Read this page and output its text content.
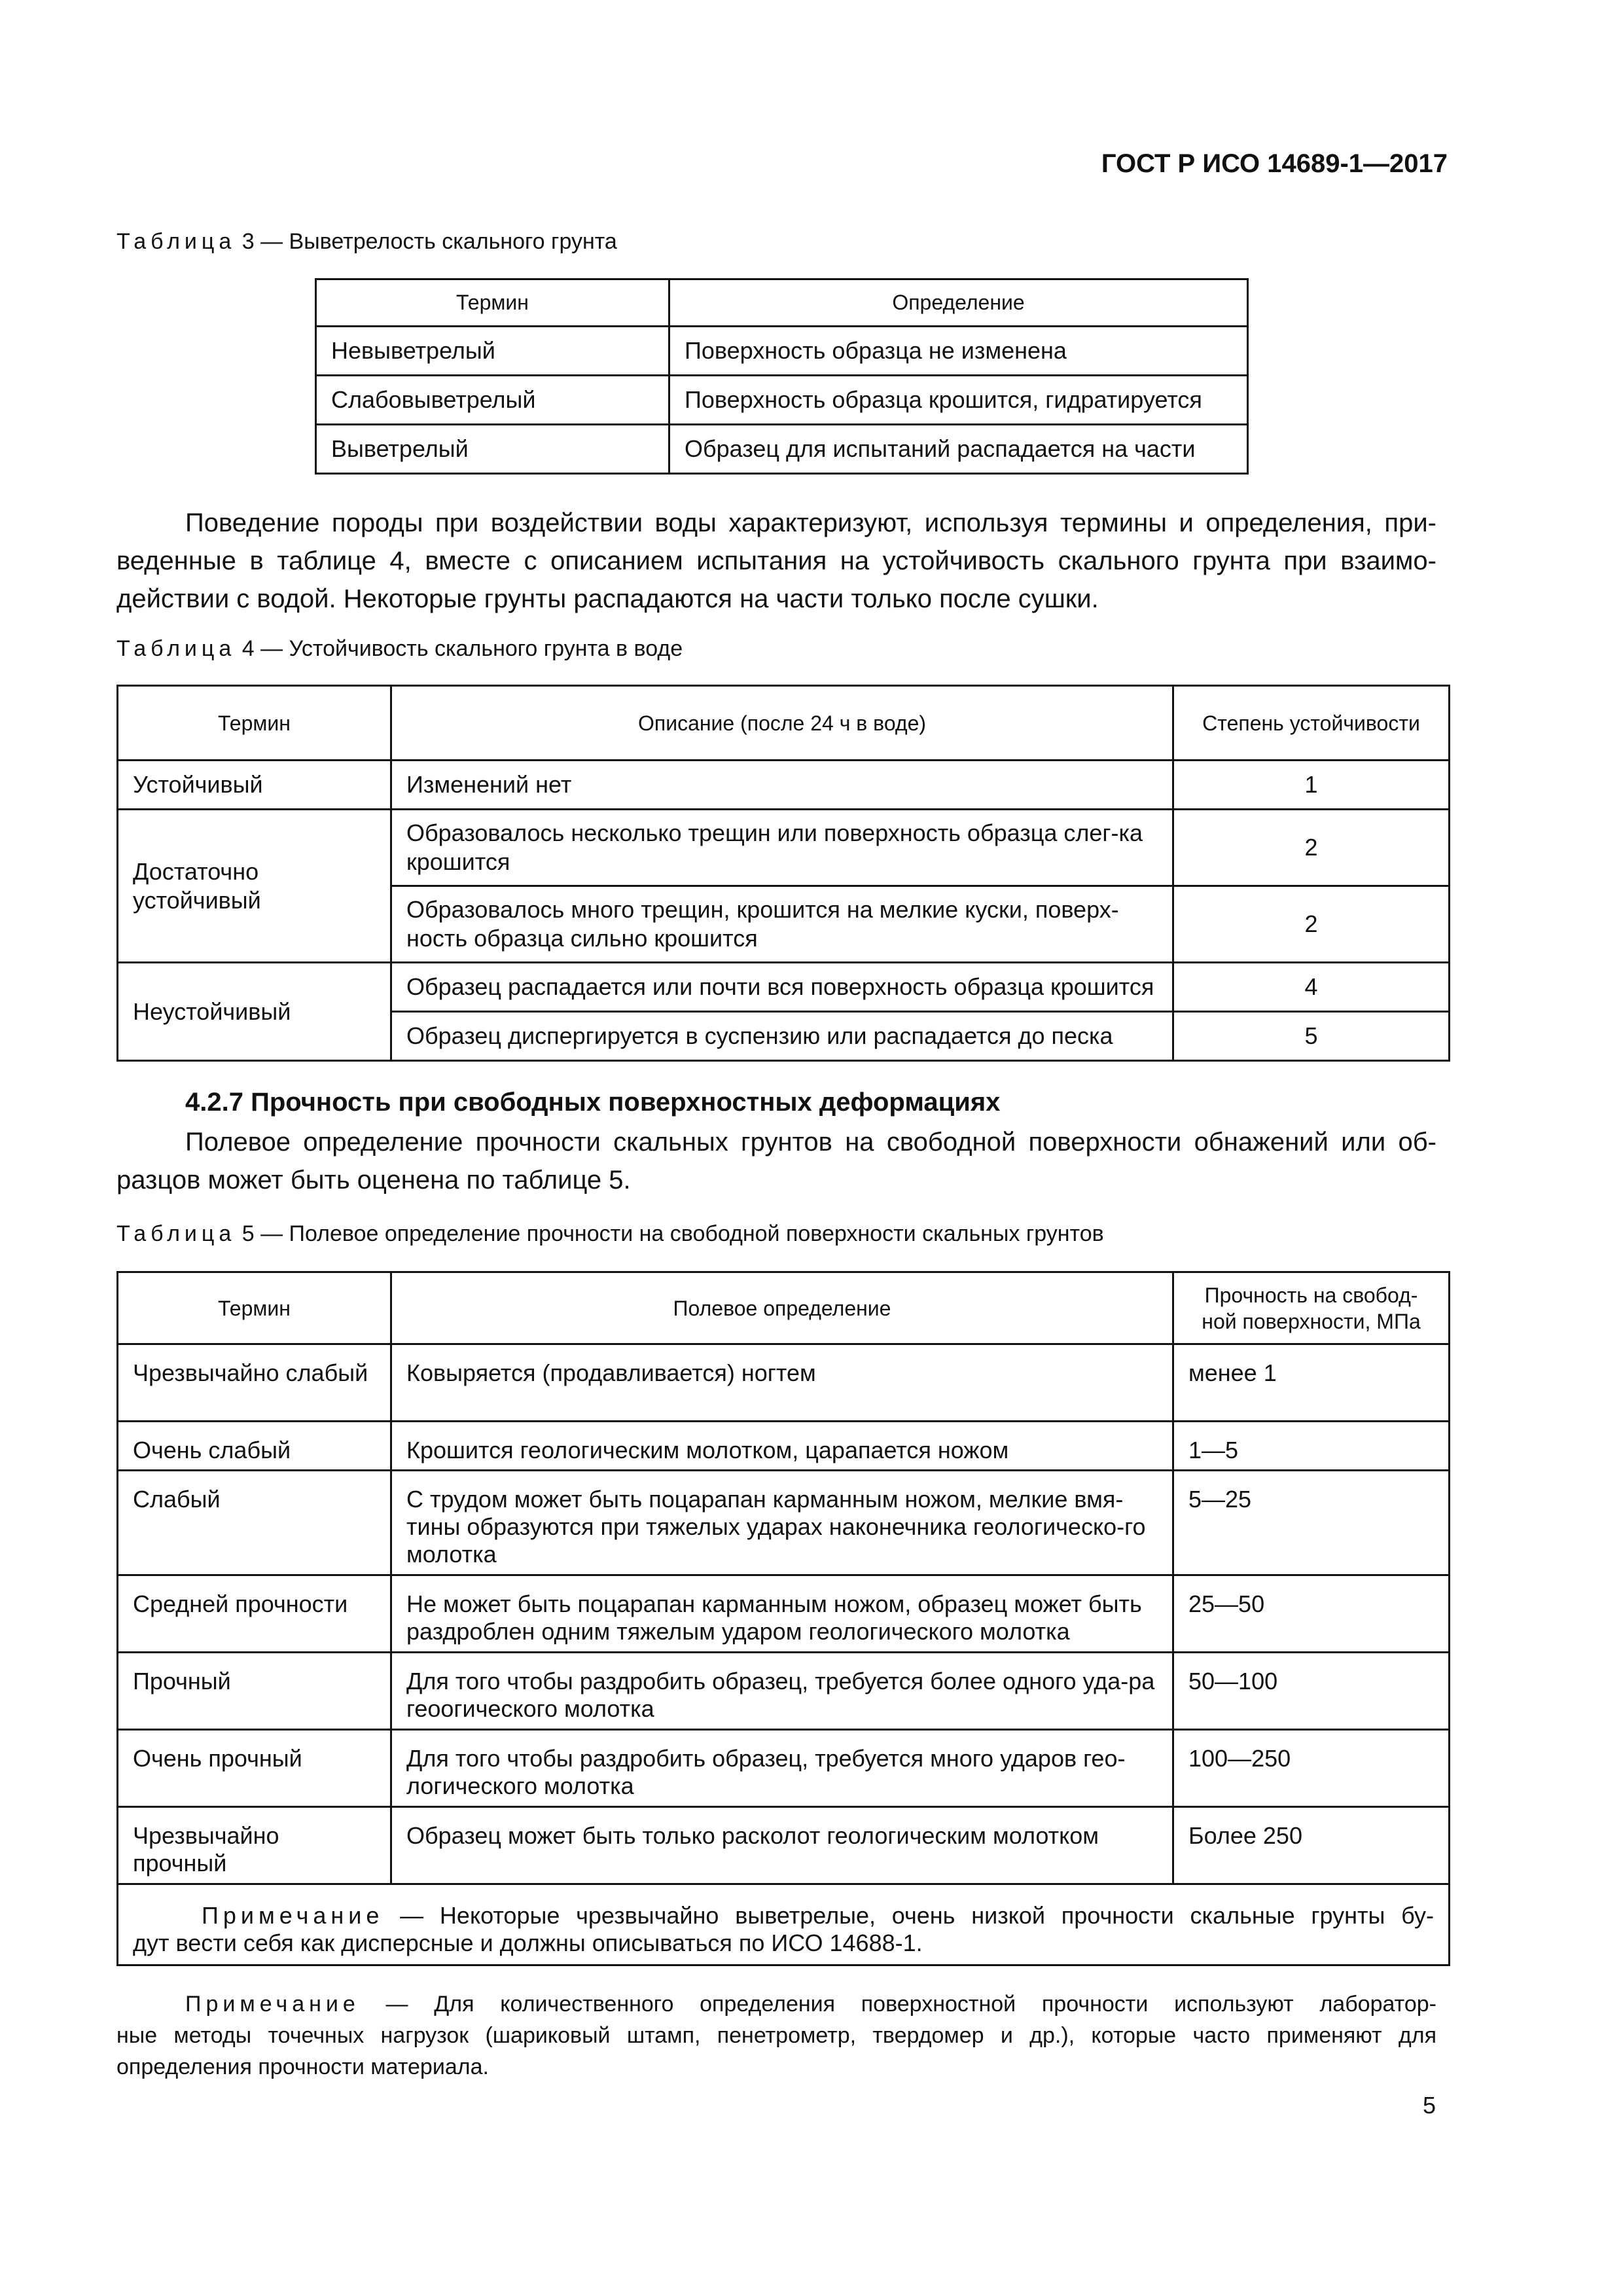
ГОСТ Р ИСО 14689-1—2017
Таблица 3 — Выветрелость скального грунта
Термин	Определение
Невыветрелый	Поверхность образца не изменена
Слабовыветрелый	Поверхность образца крошится, гидратируется
Выветрелый	Образец для испытаний распадается на части
Поведение породы при воздействии воды характеризуют, используя термины и определения, при-
веденные в таблице 4, вместе с описанием испытания на устойчивость скального грунта при взаимо-
действии с водой. Некоторые грунты распадаются на части только после сушки.
Таблица 4 — Устойчивость скального грунта в воде
Термин	Описание (после 24 ч в воде)	Степень устойчивости
Устойчивый	Изменений нет	1
Достаточно устойчивый	Образовалось несколько трещин или поверхность образца слег-ка крошится	2
	Образовалось много трещин, крошится на мелкие куски, поверх-ность образца сильно крошится	2
Неустойчивый	Образец распадается или почти вся поверхность образца крошится	4
	Образец диспергируется в суспензию или распадается до песка	5
4.2.7 Прочность при свободных поверхностных деформациях
Полевое определение прочности скальных грунтов на свободной поверхности обнажений или об-
разцов может быть оценена по таблице 5.
Таблица 5 — Полевое определение прочности на свободной поверхности скальных грунтов
Термин	Полевое определение	Прочность на свобод-ной поверхности, МПа
Чрезвычайно слабый	Ковыряется (продавливается) ногтем	менее 1
Очень слабый	Крошится геологическим молотком, царапается ножом	1—5
Слабый	С трудом может быть поцарапан карманным ножом, мелкие вмя-тины образуются при тяжелых ударах наконечника геологическо-го молотка	5—25
Средней прочности	Не может быть поцарапан карманным ножом, образец может быть раздроблен одним тяжелым ударом геологического молотка	25—50
Прочный	Для того чтобы раздробить образец, требуется более одного уда-ра геоогического молотка	50—100
Очень прочный	Для того чтобы раздробить образец, требуется много ударов гео-логического молотка	100—250
Чрезвычайно прочный	Образец может быть только расколот геологическим молотком	Более 250

Примечание — Некоторые чрезвычайно выветрелые, очень низкой прочности скальные грунты бу-
дут вести себя как дисперсные и должны описываться по ИСО 14688-1.		
Примечание — Для количественного определения поверхностной прочности используют лаборатор-
ные методы точечных нагрузок (шариковый штамп, пенетрометр, твердомер и др.), которые часто применяют для
определения прочности материала.
5
